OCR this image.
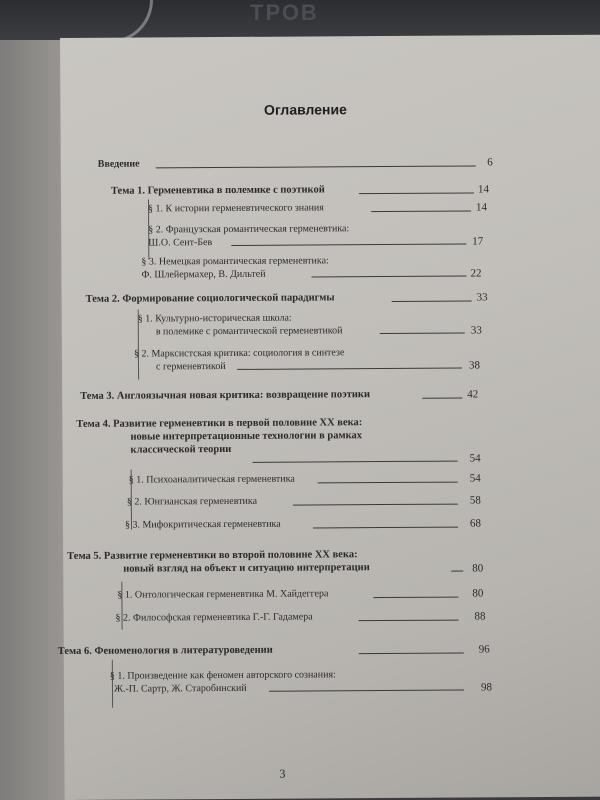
ТРОВ
Оглавление
Введение	6
Тема 1. Герменевтика в полемике с поэтикой	14
§ 1. К истории герменевтического знания	14
§ 2. Французская романтическая герменевтика:
Ш.О. Сент-Бев	17
§ 3. Немецкая романтическая герменевтика:
Ф. Шлейермахер, В. Дильтей	22
Тема 2. Формирование социологической парадигмы	33
§ 1. Культурно-историческая школа:
в полемике с романтической герменевтикой	33
§ 2. Марксистская критика: социология в синтезе
с герменевтикой	38
Тема 3. Англоязычная новая критика: возвращение поэтики	42
Тема 4. Развитие герменевтики в первой половине XX века:
новые интерпретационные технологии в рамках
классической теории
54
§ 1. Психоаналитическая герменевтика	54
§ 2. Юнгианская герменевтика	58
§ 3. Мифокритическая герменевтика	68
Тема 5. Развитие герменевтики во второй половине XX века:
новый взгляд на объект и ситуацию интерпретации	80
§ 1. Онтологическая герменевтика М. Хайдеггера	80
§ 2. Философская герменевтика Г.-Г. Гадамера	88
Тема 6. Феноменология в литературоведении	96
§ 1. Произведение как феномен авторского сознания:
Ж.-П. Сартр, Ж. Старобинский	98
3
